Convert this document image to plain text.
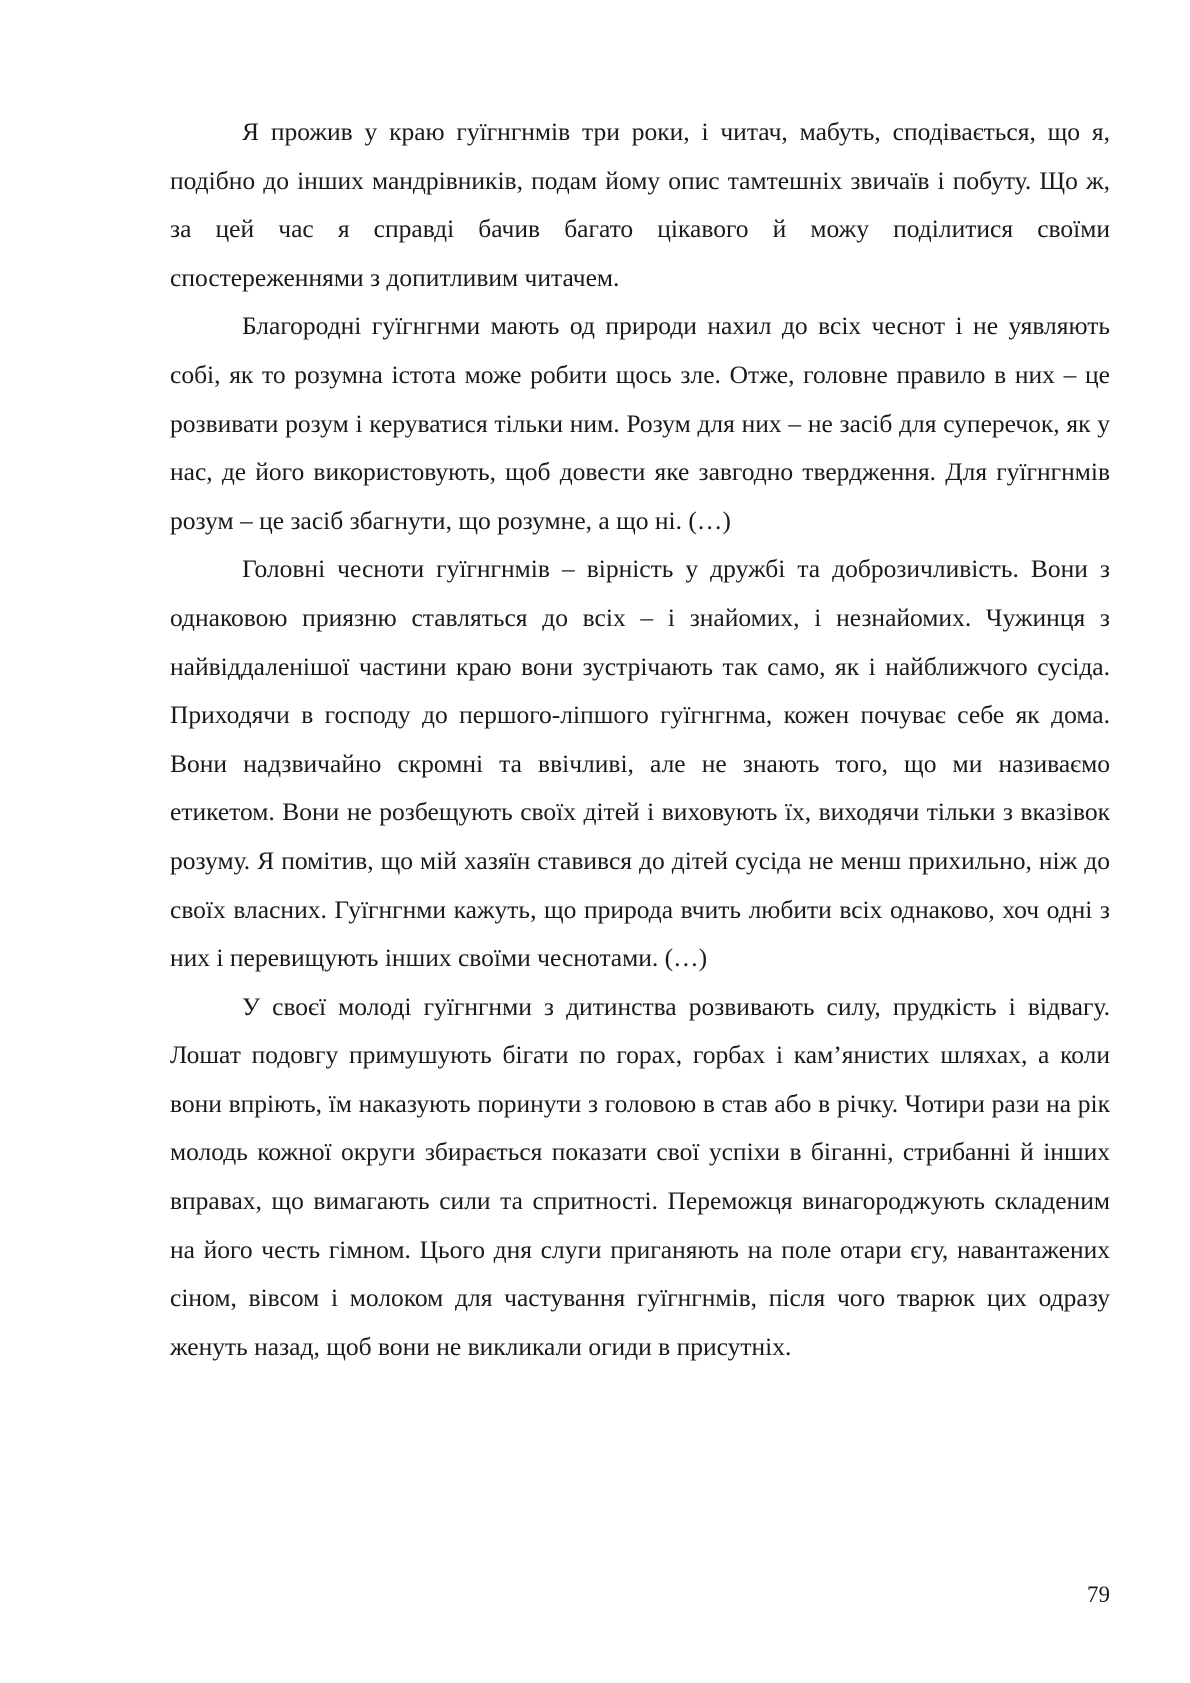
Я прожив у краю гуїгнгнмів три роки, і читач, мабуть, сподівається, що я, подібно до інших мандрівників, подам йому опис тамтешніх звичаїв і побуту. Що ж, за цей час я справді бачив багато цікавого й можу поділитися своїми спостереженнями з допитливим читачем.

Благородні гуїгнгнми мають од природи нахил до всіх чеснот і не уявляють собі, як то розумна істота може робити щось зле. Отже, головне правило в них – це розвивати розум і керуватися тільки ним. Розум для них – не засіб для суперечок, як у нас, де його використовують, щоб довести яке завгодно твердження. Для гуїгнгнмів розум – це засіб збагнути, що розумне, а що ні. (…)

Головні чесноти гуїгнгнмів – вірність у дружбі та доброзичливість. Вони з однаковою приязню ставляться до всіх – і знайомих, і незнайомих. Чужинця з найвіддаленішої частини краю вони зустрічають так само, як і найближчого сусіда. Приходячи в господу до першого-ліпшого гуїгнгнма, кожен почуває себе як дома. Вони надзвичайно скромні та ввічливі, але не знають того, що ми називаємо етикетом. Вони не розбещують своїх дітей і виховують їх, виходячи тільки з вказівок розуму. Я помітив, що мій хазяїн ставився до дітей сусіда не менш прихильно, ніж до своїх власних. Гуїгнгнми кажуть, що природа вчить любити всіх однаково, хоч одні з них і перевищують інших своїми чеснотами. (…)

У своєї молоді гуїгнгнми з дитинства розвивають силу, прудкість і відвагу. Лошат подовгу примушують бігати по горах, горбах і кам’янистих шляхах, а коли вони впріють, їм наказують поринути з головою в став або в річку. Чотири рази на рік молодь кожної округи збирається показати свої успіхи в біганні, стрибанні й інших вправах, що вимагають сили та спритності. Переможця винагороджують складеним на його честь гімном. Цього дня слуги приганяють на поле отари єгу, навантажених сіном, вівсом і молоком для частування гуїгнгнмів, після чого тварюк цих одразу женуть назад, щоб вони не викликали огиди в присутніх.

79
